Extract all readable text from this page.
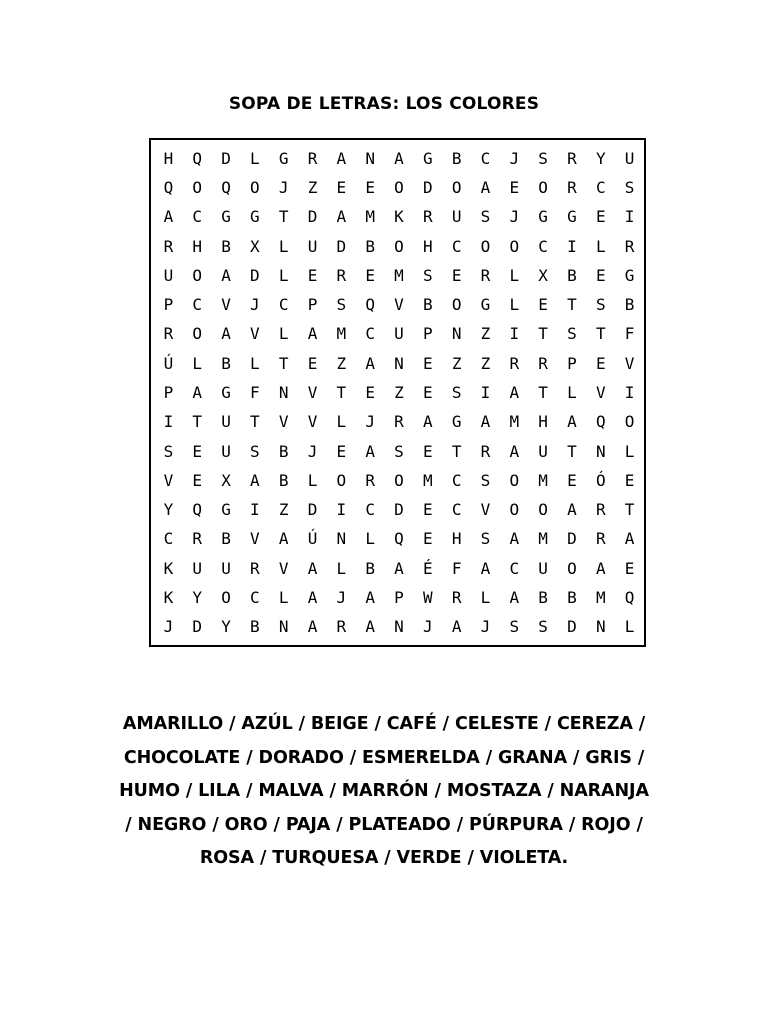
SOPA DE LETRAS: LOS COLORES
H	Q	D	L	G	R	A	N	A	G	B	C	J	S	R	Y	U
Q	O	Q	O	J	Z	E	E	O	D	O	A	E	O	R	C	S
A	C	G	G	T	D	A	M	K	R	U	S	J	G	G	E	I
R	H	B	X	L	U	D	B	O	H	C	O	O	C	I	L	R
U	O	A	D	L	E	R	E	M	S	E	R	L	X	B	E	G
P	C	V	J	C	P	S	Q	V	B	O	G	L	E	T	S	B
R	O	A	V	L	A	M	C	U	P	N	Z	I	T	S	T	F
Ú	L	B	L	T	E	Z	A	N	E	Z	Z	R	R	P	E	V
P	A	G	F	N	V	T	E	Z	E	S	I	A	T	L	V	I
I	T	U	T	V	V	L	J	R	A	G	A	M	H	A	Q	O
S	E	U	S	B	J	E	A	S	E	T	R	A	U	T	N	L
V	E	X	A	B	L	O	R	O	M	C	S	O	M	E	Ó	E
Y	Q	G	I	Z	D	I	C	D	E	C	V	O	O	A	R	T
C	R	B	V	A	Ú	N	L	Q	E	H	S	A	M	D	R	A
K	U	U	R	V	A	L	B	A	É	F	A	C	U	O	A	E
K	Y	O	C	L	A	J	A	P	W	R	L	A	B	B	M	Q
J	D	Y	B	N	A	R	A	N	J	A	J	S	S	D	N	L
AMARILLO / AZÚL / BEIGE / CAFÉ / CELESTE / CEREZA /
CHOCOLATE / DORADO / ESMERELDA / GRANA / GRIS /
HUMO / LILA / MALVA / MARRÓN / MOSTAZA / NARANJA
/ NEGRO / ORO / PAJA / PLATEADO / PÚRPURA / ROJO /
ROSA / TURQUESA / VERDE / VIOLETA.
